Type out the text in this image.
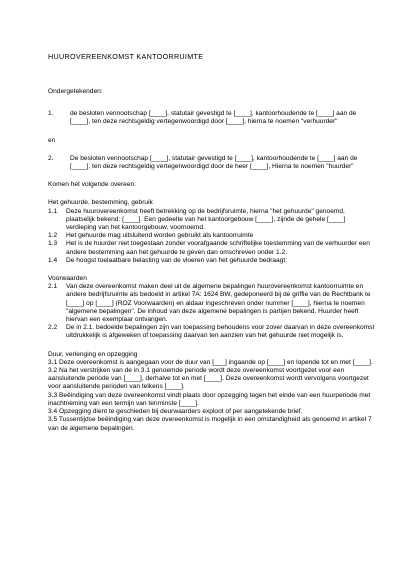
HUUROVEREENKOMST KANTOORRUIMTE

Ondergetekenden:

1.	de besloten vennootschap [____], statutair gevestigd te [____], kantoorhoudende te [____] aan de [____], ten deze rechtsgeldig vertegenwoordigd door [____], hierna te noemen "verhuurder"

en

2.	De besloten vennootschap [____], statutair gevestigd te [____], kantoorhoudende te [____] aan de [____], ten deze rechtsgeldig vertegenwoordigd door de heer [____], Hierna te noemen "huurder"

Komen het volgende overeen:

Het gehuurde, bestemming, gebruik

1.1	Deze huurovereenkomst heeft betrekking op de bedrijfsruimte, hierna "het gehuurde" genoemd, plaatselijk bekend: [____]. Een gedeelte van het kantoorgebouw [____], zijnde de gehele [____] verdieping van het kantoorgebouw, voornoemd.

1.2	Het gehuurde mag uitsluitend worden gebruikt als kantoorruimte

1.3	Het is de huurder niet toegestaan zonder voorafgaande schriftelijke toestemming van de verhuurder een andere bestemming aan het gehuurde te geven dan omschreven onder 1.2.

1.4	De hoogst toelaatbare belasting van de vloeren van het gehuurde bedraagt:

Voorwaarden

2.1	Van deze overeenkomst maken deel uit de algemene bepalingen huurovereenkomst kantoorruimte en andere bedrijfsruimte als bedoeld in artikel 7A: 1624 BW, gedeponeerd bij de griffie van de Rechtbank te [____] op [____] (ROZ Voorwaarden) en aldaar ingeschreven onder nummer [____], hierna te noemen "algemene bepalingen". De inhoud van deze algemene bepalingen is partijen bekend. Huurder heeft hiervan een exemplaar ontvangen.

2.2	De in 2.1. bedoelde bepalingen zijn van toepassing behoudens voor zover daarvan in deze overeenkomst uitdrukkelijk is afgeweken of toepassing daarvan ten aanzien van het gehuurde niet mogelijk is.

Duur, verlenging en opzegging

3.1 Deze overeenkomst is aangegaan voor de duur van [___] ingaande op [____] en lopende tot en met [____].

3.2 Na het verstrijken van de in 3.1 genoemde periode wordt deze overeenkomst voortgezet voor een aansluitende periode van [____], derhalve tot en met [____]. Deze overeenkomst wordt vervolgens voortgezet voor aansluitende perioden van telkens [____].

3.3 Beëindiging van deze overeenkomst vindt plaats door opzegging tegen het einde van een huurperiode met inachtneming van een termijn van tenminste [____].

3.4 Opzegging dient te geschieden bij deurwaarders exploot of per aangetekende brief.

3.5 Tussentijdse beëindiging van deze overeenkomst is mogelijk in een omstandigheid als genoemd in artikel 7 van de algemene bepalingen.
